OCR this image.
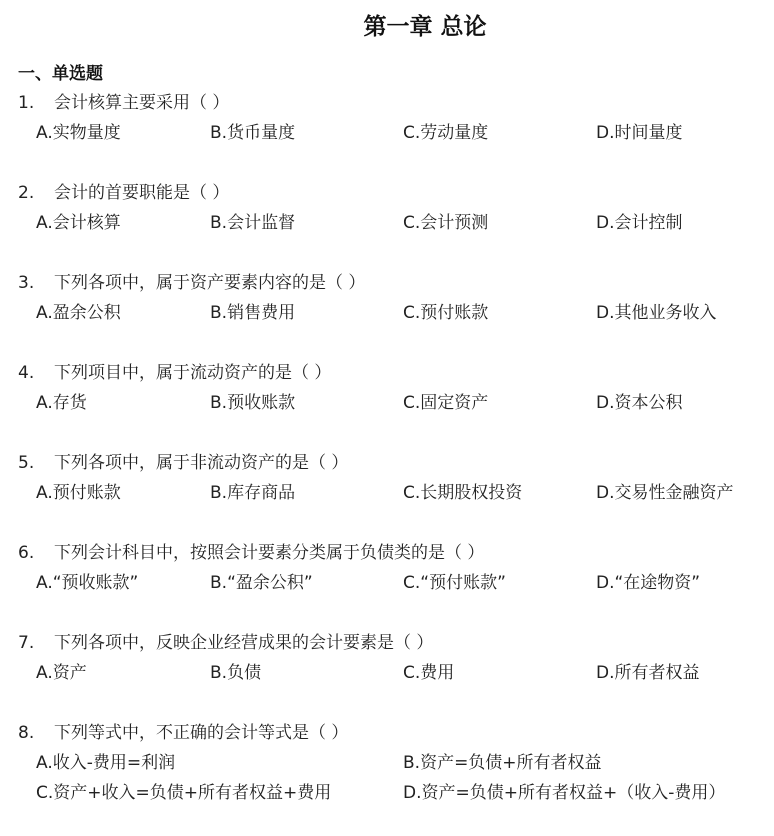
第一章 总论
一、单选题
1. 会计核算主要采用（ ）
A.实物量度	B.货币量度	C.劳动量度	D.时间量度
2. 会计的首要职能是（ ）
A.会计核算	B.会计监督	C.会计预测	D.会计控制
3. 下列各项中，属于资产要素内容的是（ ）
A.盈余公积	B.销售费用	C.预付账款	D.其他业务收入
4. 下列项目中，属于流动资产的是（ ）
A.存货	B.预收账款	C.固定资产	D.资本公积
5. 下列各项中，属于非流动资产的是（ ）
A.预付账款	B.库存商品	C.长期股权投资	D.交易性金融资产
6. 下列会计科目中，按照会计要素分类属于负债类的是（ ）
A.“预收账款”	B.“盈余公积”	C.“预付账款”	D.“在途物资”
7. 下列各项中，反映企业经营成果的会计要素是（ ）
A.资产	B.负债	C.费用	D.所有者权益
8. 下列等式中，不正确的会计等式是（ ）
A.收入-费用=利润	B.资产=负债+所有者权益
C.资产+收入=负债+所有者权益+费用	D.资产=负债+所有者权益+（收入-费用）
